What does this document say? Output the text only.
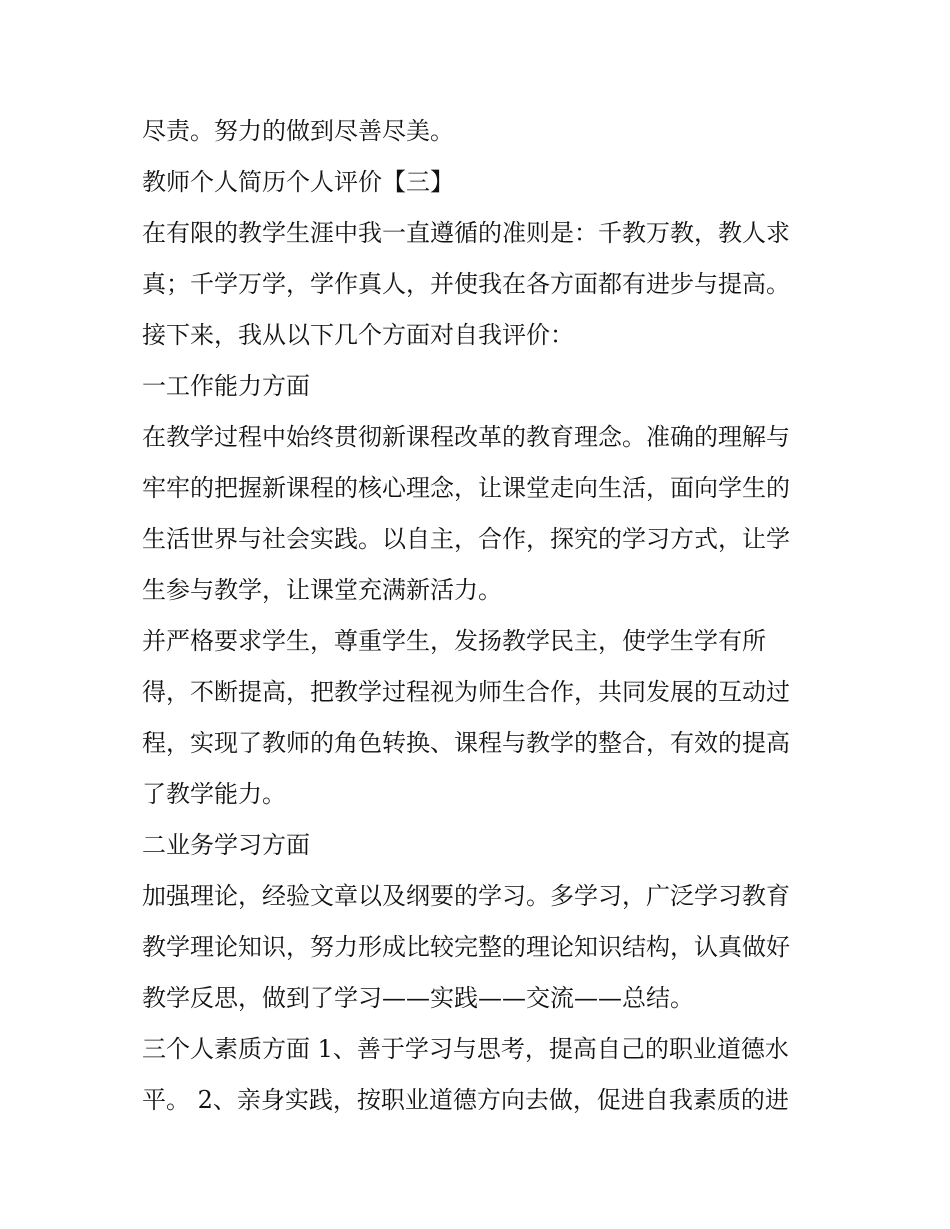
尽责。努力的做到尽善尽美。
教师个人简历个人评价【三】
在有限的教学生涯中我一直遵循的准则是：千教万教，教人求
真；千学万学，学作真人，并使我在各方面都有进步与提高。
接下来，我从以下几个方面对自我评价：
一工作能力方面
在教学过程中始终贯彻新课程改革的教育理念。准确的理解与
牢牢的把握新课程的核心理念，让课堂走向生活，面向学生的
生活世界与社会实践。以自主，合作，探究的学习方式，让学
生参与教学，让课堂充满新活力。
并严格要求学生，尊重学生，发扬教学民主，使学生学有所
得，不断提高，把教学过程视为师生合作，共同发展的互动过
程，实现了教师的角色转换、课程与教学的整合，有效的提高
了教学能力。
二业务学习方面
加强理论，经验文章以及纲要的学习。多学习，广泛学习教育
教学理论知识，努力形成比较完整的理论知识结构，认真做好
教学反思，做到了学习——实践——交流——总结。
三个人素质方面 1、善于学习与思考，提高自己的职业道德水
平。 2、亲身实践，按职业道德方向去做，促进自我素质的进
